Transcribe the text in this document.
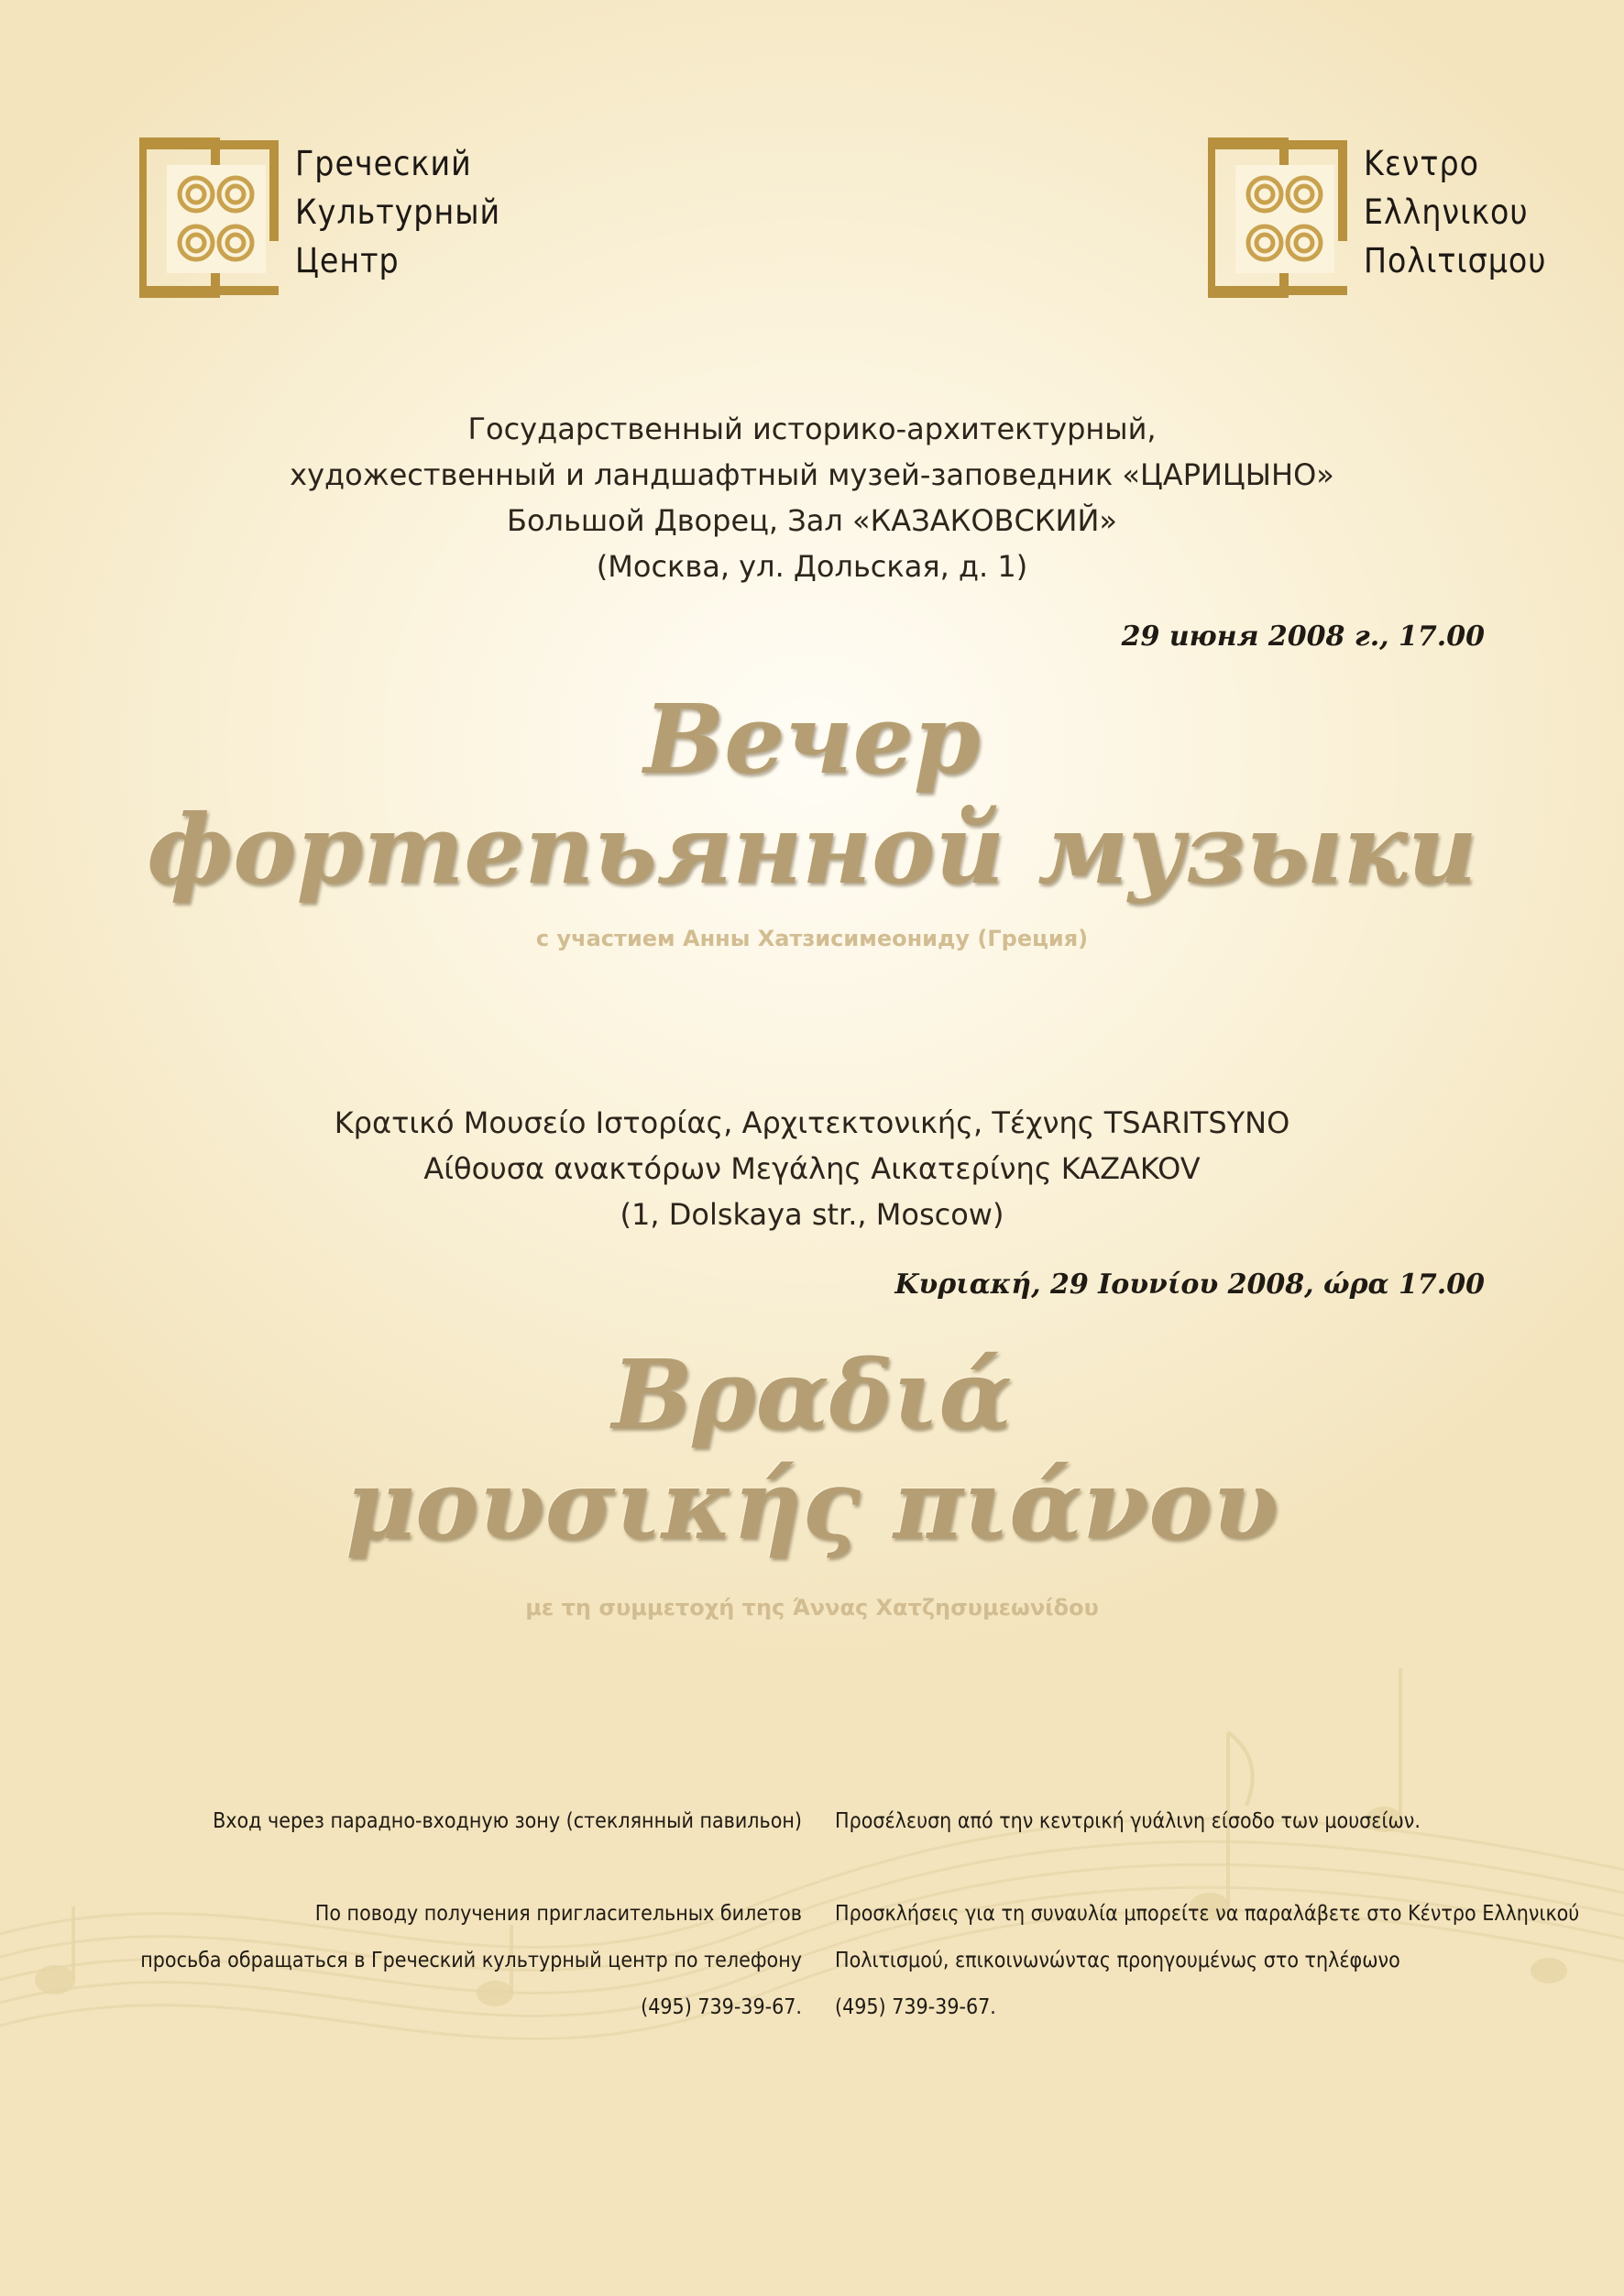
Греческий
Культурный
Центр
Κεντρο
Ελληνικου
Πολιτισμου
Государственный историко-архитектурный,
художественный и ландшафтный музей-заповедник «ЦАРИЦЫНО»
Большой Дворец, Зал «КАЗАКОВСКИЙ»
(Москва, ул. Дольская, д. 1)
29 июня 2008 г., 17.00
Вечер
фортепьянной музыки
с участием Анны Хатзисимеониду (Греция)
Κρατικό Μουσείο Ιστορίας, Αρχιτεκτονικής, Τέχνης TSARITSYNO
Αίθουσα ανακτόρων Μεγάλης Αικατερίνης KAZAKOV
(1, Dolskaya str., Moscow)
Κυριακή, 29 Ιουνίου 2008, ώρα 17.00
Βραδιά
μουσικής πιάνου
με τη συμμετοχή της Άννας Χατζησυμεωνίδου

Вход через парадно-входную зону (стеклянный павильон)

По поводу получения пригласительных билетов

просьба обращаться в Греческий культурный центр по телефону

(495) 739-39-67.

Προσέλευση από την κεντρική γυάλινη είσοδο των μουσείων.

Προσκλήσεις για τη συναυλία μπορείτε να παραλάβετε στο Κέντρο Ελληνικού

Πολιτισμού, επικοινωνώντας προηγουμένως στο τηλέφωνο

(495) 739-39-67.
